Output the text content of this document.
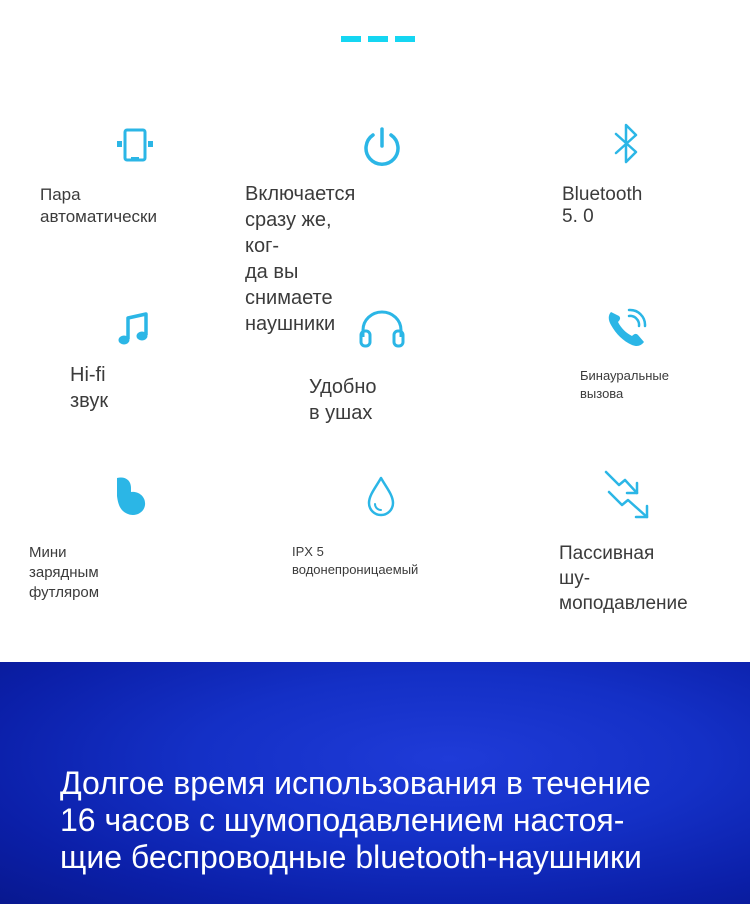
Пара автоматически
Включается сразу же, ког-
да вы снимаете наушники
Bluetooth 5. 0
Hi-fi звук
Удобно в ушах
Бинауральные вызова
Мини зарядным футляром
IPX 5 водонепроницаемый
Пассивная шу-
моподавление
Долгое время использования в течение
16 часов с шумоподавлением настоя-
щие беспроводные bluetooth-наушники
